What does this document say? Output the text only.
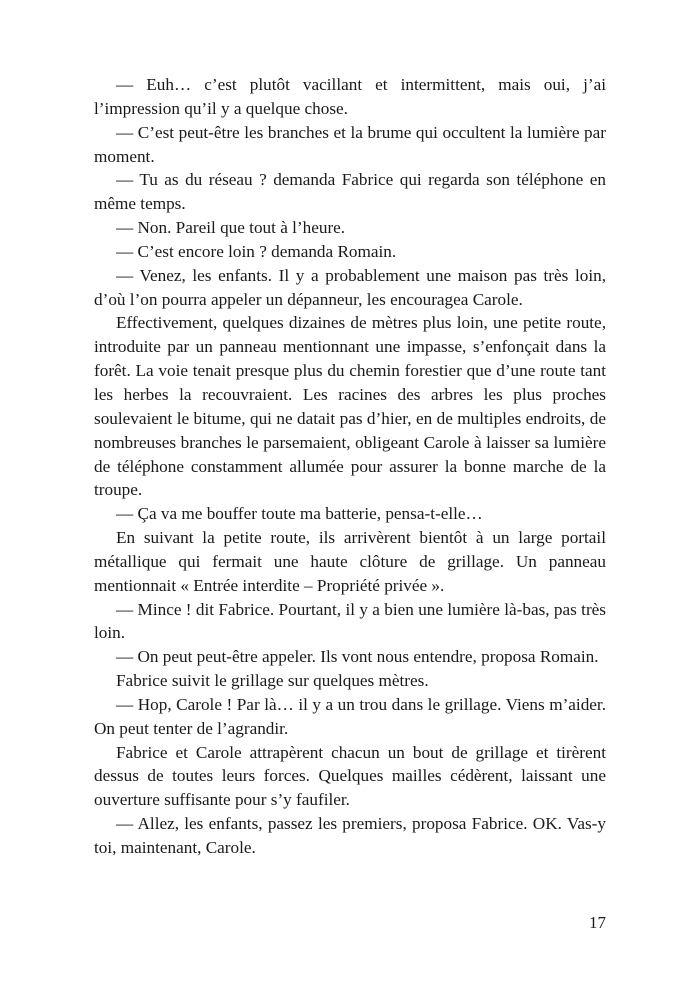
— Euh… c’est plutôt vacillant et intermittent, mais oui, j’ai l’impression qu’il y a quelque chose.

— C’est peut-être les branches et la brume qui occultent la lumière par moment.

— Tu as du réseau ? demanda Fabrice qui regarda son téléphone en même temps.

— Non. Pareil que tout à l’heure.

— C’est encore loin ? demanda Romain.

— Venez, les enfants. Il y a probablement une maison pas très loin, d’où l’on pourra appeler un dépanneur, les encouragea Carole.

Effectivement, quelques dizaines de mètres plus loin, une petite route, introduite par un panneau mentionnant une impasse, s’enfonçait dans la forêt. La voie tenait presque plus du chemin forestier que d’une route tant les herbes la recouvraient. Les racines des arbres les plus proches soulevaient le bitume, qui ne datait pas d’hier, en de multiples endroits, de nombreuses branches le parsemaient, obligeant Carole à laisser sa lumière de téléphone constamment allumée pour assurer la bonne marche de la troupe.

— Ça va me bouffer toute ma batterie, pensa-t-elle…

En suivant la petite route, ils arrivèrent bientôt à un large portail métallique qui fermait une haute clôture de grillage. Un panneau mentionnait « Entrée interdite – Propriété privée ».

— Mince ! dit Fabrice. Pourtant, il y a bien une lumière là-bas, pas très loin.

— On peut peut-être appeler. Ils vont nous entendre, proposa Romain.

Fabrice suivit le grillage sur quelques mètres.

— Hop, Carole ! Par là… il y a un trou dans le grillage. Viens m’aider. On peut tenter de l’agrandir.

Fabrice et Carole attrapèrent chacun un bout de grillage et tirèrent dessus de toutes leurs forces. Quelques mailles cédèrent, laissant une ouverture suffisante pour s’y faufiler.

— Allez, les enfants, passez les premiers, proposa Fabrice. OK. Vas-y toi, maintenant, Carole.

17
